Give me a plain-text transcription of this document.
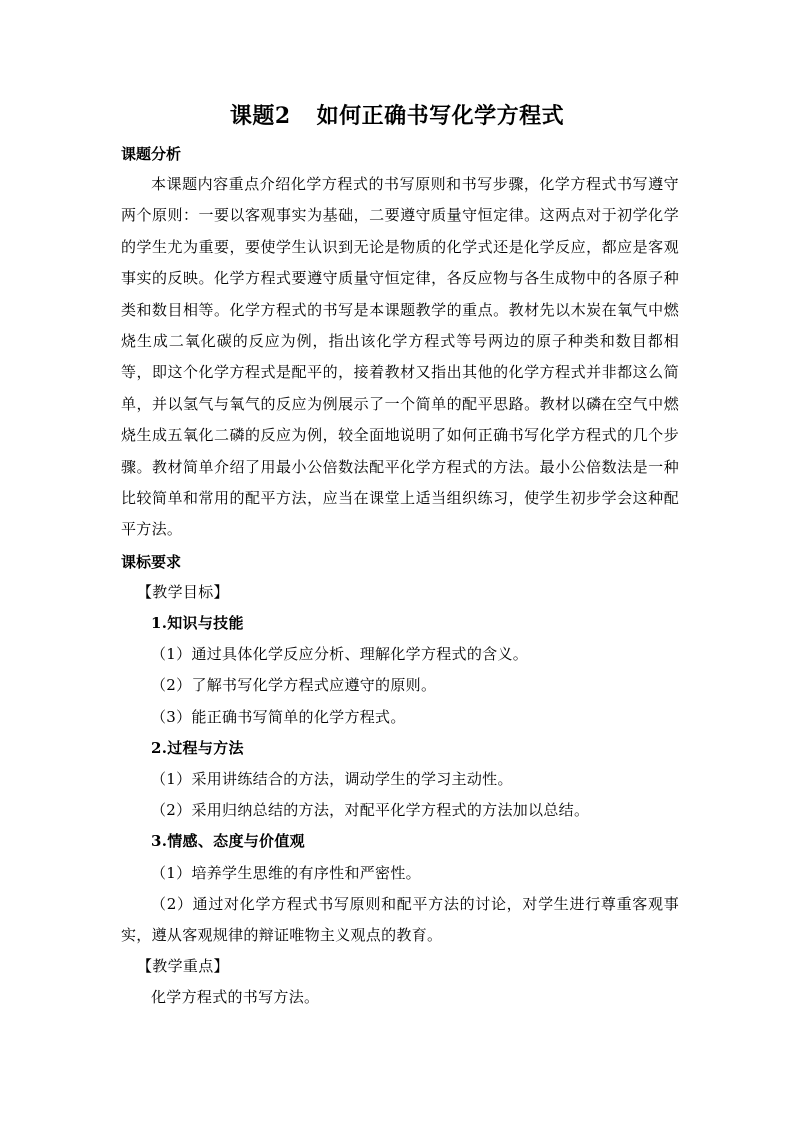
课题2 如何正确书写化学方程式
课题分析

本课题内容重点介绍化学方程式的书写原则和书写步骤，化学方程式书写遵守两个原则：一要以客观事实为基础，二要遵守质量守恒定律。这两点对于初学化学的学生尤为重要，要使学生认识到无论是物质的化学式还是化学反应，都应是客观事实的反映。化学方程式要遵守质量守恒定律，各反应物与各生成物中的各原子种类和数目相等。化学方程式的书写是本课题教学的重点。教材先以木炭在氧气中燃烧生成二氧化碳的反应为例，指出该化学方程式等号两边的原子种类和数目都相等，即这个化学方程式是配平的，接着教材又指出其他的化学方程式并非都这么简单，并以氢气与氧气的反应为例展示了一个简单的配平思路。教材以磷在空气中燃烧生成五氧化二磷的反应为例，较全面地说明了如何正确书写化学方程式的几个步骤。教材简单介绍了用最小公倍数法配平化学方程式的方法。最小公倍数法是一种比较简单和常用的配平方法，应当在课堂上适当组织练习，使学生初步学会这种配平方法。

课标要求
【教学目标】
1.知识与技能
（1）通过具体化学反应分析、理解化学方程式的含义。
（2）了解书写化学方程式应遵守的原则。
（3）能正确书写简单的化学方程式。
2.过程与方法
（1）采用讲练结合的方法，调动学生的学习主动性。
（2）采用归纳总结的方法，对配平化学方程式的方法加以总结。
3.情感、态度与价值观
（1）培养学生思维的有序性和严密性。

（2）通过对化学方程式书写原则和配平方法的讨论，对学生进行尊重客观事实，遵从客观规律的辩证唯物主义观点的教育。

【教学重点】
化学方程式的书写方法。
